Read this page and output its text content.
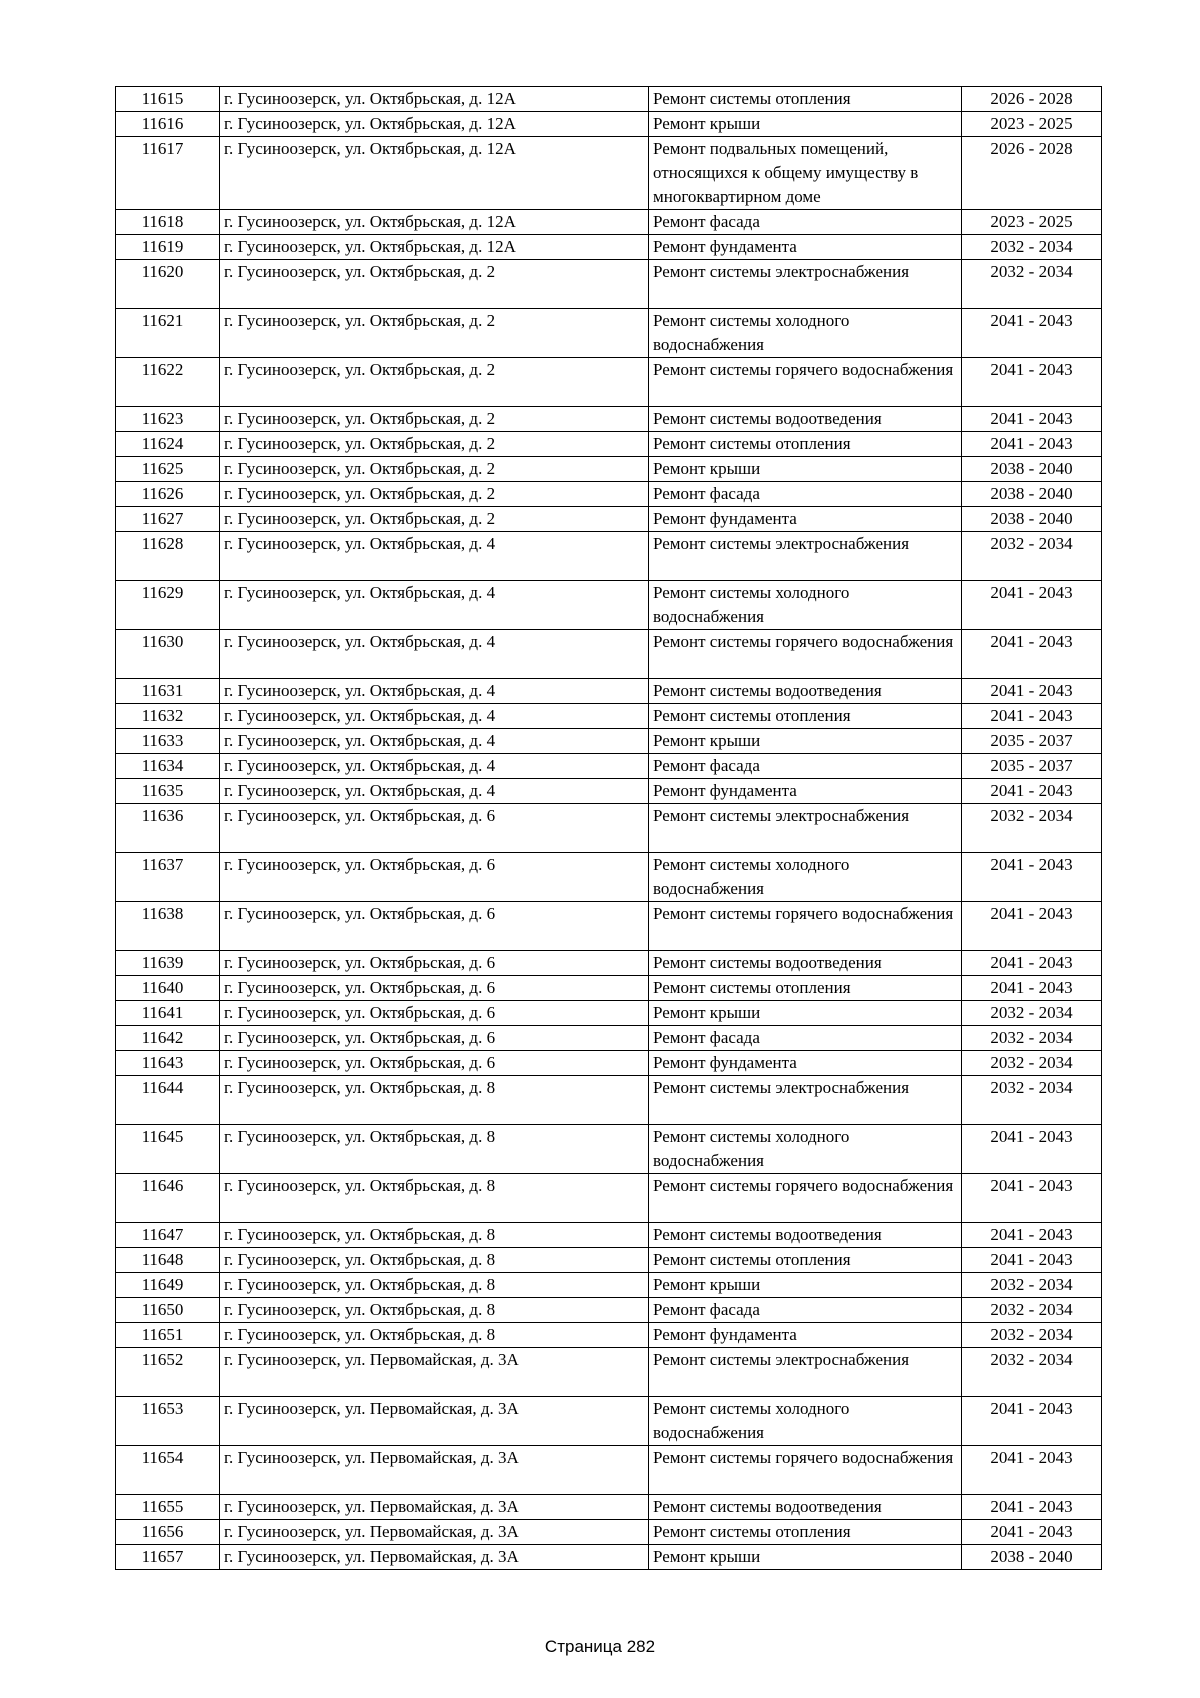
11615	г. Гусиноозерск, ул. Октябрьская, д. 12А	Ремонт системы отопления	2026 - 2028
11616	г. Гусиноозерск, ул. Октябрьская, д. 12А	Ремонт крыши	2023 - 2025
11617	г. Гусиноозерск, ул. Октябрьская, д. 12А	Ремонт подвальных помещений, относящихся к общему имуществу в многоквартирном доме	2026 - 2028
11618	г. Гусиноозерск, ул. Октябрьская, д. 12А	Ремонт фасада	2023 - 2025
11619	г. Гусиноозерск, ул. Октябрьская, д. 12А	Ремонт фундамента	2032 - 2034
11620	г. Гусиноозерск, ул. Октябрьская, д. 2	Ремонт системы электроснабжения	2032 - 2034
11621	г. Гусиноозерск, ул. Октябрьская, д. 2	Ремонт системы холодного водоснабжения	2041 - 2043
11622	г. Гусиноозерск, ул. Октябрьская, д. 2	Ремонт системы горячего водоснабжения	2041 - 2043
11623	г. Гусиноозерск, ул. Октябрьская, д. 2	Ремонт системы водоотведения	2041 - 2043
11624	г. Гусиноозерск, ул. Октябрьская, д. 2	Ремонт системы отопления	2041 - 2043
11625	г. Гусиноозерск, ул. Октябрьская, д. 2	Ремонт крыши	2038 - 2040
11626	г. Гусиноозерск, ул. Октябрьская, д. 2	Ремонт фасада	2038 - 2040
11627	г. Гусиноозерск, ул. Октябрьская, д. 2	Ремонт фундамента	2038 - 2040
11628	г. Гусиноозерск, ул. Октябрьская, д. 4	Ремонт системы электроснабжения	2032 - 2034
11629	г. Гусиноозерск, ул. Октябрьская, д. 4	Ремонт системы холодного водоснабжения	2041 - 2043
11630	г. Гусиноозерск, ул. Октябрьская, д. 4	Ремонт системы горячего водоснабжения	2041 - 2043
11631	г. Гусиноозерск, ул. Октябрьская, д. 4	Ремонт системы водоотведения	2041 - 2043
11632	г. Гусиноозерск, ул. Октябрьская, д. 4	Ремонт системы отопления	2041 - 2043
11633	г. Гусиноозерск, ул. Октябрьская, д. 4	Ремонт крыши	2035 - 2037
11634	г. Гусиноозерск, ул. Октябрьская, д. 4	Ремонт фасада	2035 - 2037
11635	г. Гусиноозерск, ул. Октябрьская, д. 4	Ремонт фундамента	2041 - 2043
11636	г. Гусиноозерск, ул. Октябрьская, д. 6	Ремонт системы электроснабжения	2032 - 2034
11637	г. Гусиноозерск, ул. Октябрьская, д. 6	Ремонт системы холодного водоснабжения	2041 - 2043
11638	г. Гусиноозерск, ул. Октябрьская, д. 6	Ремонт системы горячего водоснабжения	2041 - 2043
11639	г. Гусиноозерск, ул. Октябрьская, д. 6	Ремонт системы водоотведения	2041 - 2043
11640	г. Гусиноозерск, ул. Октябрьская, д. 6	Ремонт системы отопления	2041 - 2043
11641	г. Гусиноозерск, ул. Октябрьская, д. 6	Ремонт крыши	2032 - 2034
11642	г. Гусиноозерск, ул. Октябрьская, д. 6	Ремонт фасада	2032 - 2034
11643	г. Гусиноозерск, ул. Октябрьская, д. 6	Ремонт фундамента	2032 - 2034
11644	г. Гусиноозерск, ул. Октябрьская, д. 8	Ремонт системы электроснабжения	2032 - 2034
11645	г. Гусиноозерск, ул. Октябрьская, д. 8	Ремонт системы холодного водоснабжения	2041 - 2043
11646	г. Гусиноозерск, ул. Октябрьская, д. 8	Ремонт системы горячего водоснабжения	2041 - 2043
11647	г. Гусиноозерск, ул. Октябрьская, д. 8	Ремонт системы водоотведения	2041 - 2043
11648	г. Гусиноозерск, ул. Октябрьская, д. 8	Ремонт системы отопления	2041 - 2043
11649	г. Гусиноозерск, ул. Октябрьская, д. 8	Ремонт крыши	2032 - 2034
11650	г. Гусиноозерск, ул. Октябрьская, д. 8	Ремонт фасада	2032 - 2034
11651	г. Гусиноозерск, ул. Октябрьская, д. 8	Ремонт фундамента	2032 - 2034
11652	г. Гусиноозерск, ул. Первомайская, д. 3А	Ремонт системы электроснабжения	2032 - 2034
11653	г. Гусиноозерск, ул. Первомайская, д. 3А	Ремонт системы холодного водоснабжения	2041 - 2043
11654	г. Гусиноозерск, ул. Первомайская, д. 3А	Ремонт системы горячего водоснабжения	2041 - 2043
11655	г. Гусиноозерск, ул. Первомайская, д. 3А	Ремонт системы водоотведения	2041 - 2043
11656	г. Гусиноозерск, ул. Первомайская, д. 3А	Ремонт системы отопления	2041 - 2043
11657	г. Гусиноозерск, ул. Первомайская, д. 3А	Ремонт крыши	2038 - 2040
Страница 282
